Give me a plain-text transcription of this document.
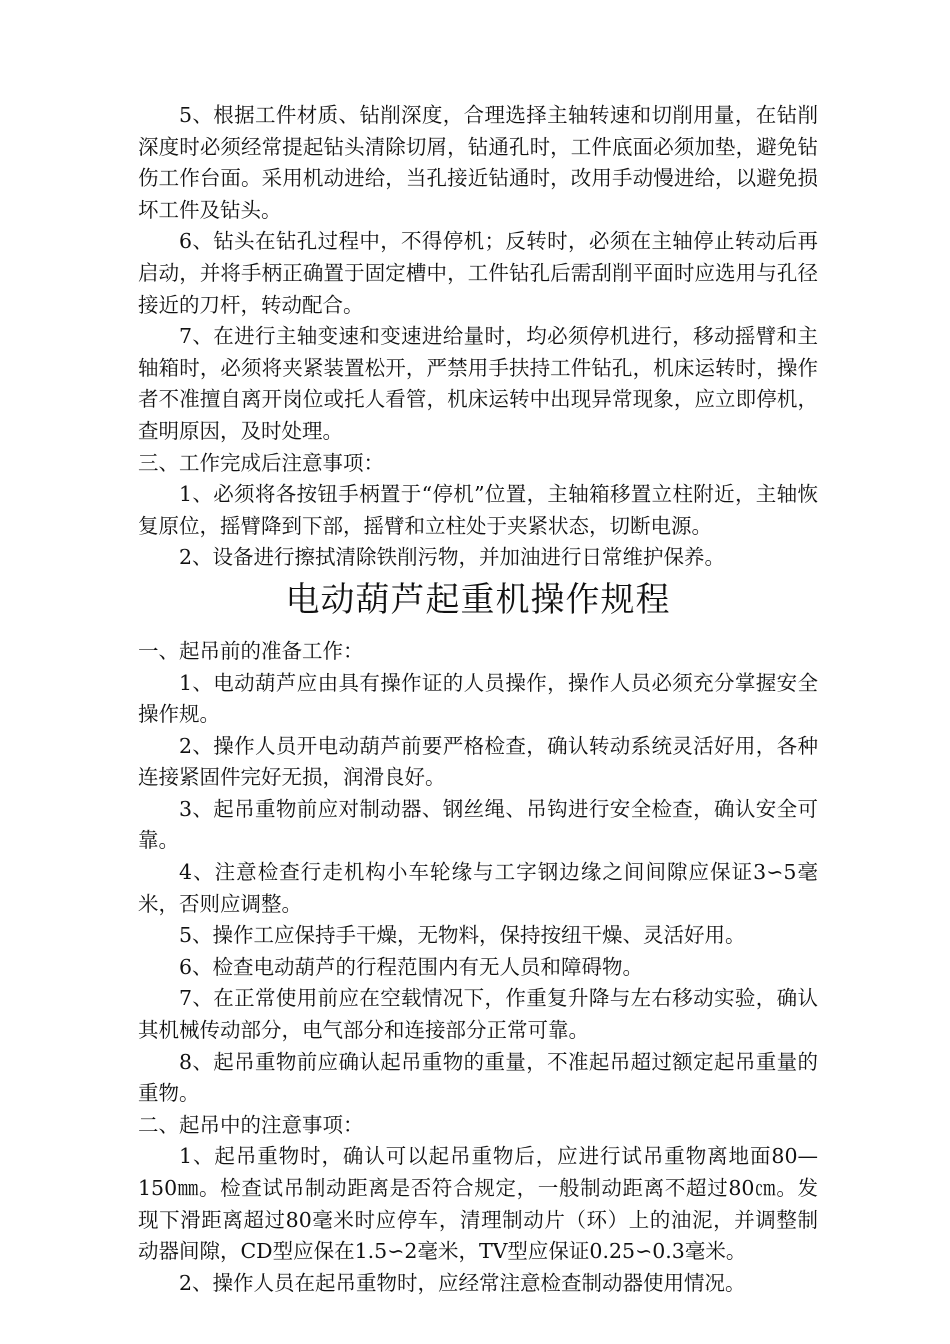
5、根据工件材质、钻削深度，合理选择主轴转速和切削用量，在钻削深度时必须经常提起钻头清除切屑，钻通孔时，工件底面必须加垫，避免钻伤工作台面。采用机动进给，当孔接近钻通时，改用手动慢进给，以避免损坏工件及钻头。

6、钻头在钻孔过程中，不得停机；反转时，必须在主轴停止转动后再启动，并将手柄正确置于固定槽中，工件钻孔后需刮削平面时应选用与孔径接近的刀杆，转动配合。

7、在进行主轴变速和变速进给量时，均必须停机进行，移动摇臂和主轴箱时，必须将夹紧装置松开，严禁用手扶持工件钻孔，机床运转时，操作者不准擅自离开岗位或托人看管，机床运转中出现异常现象，应立即停机，查明原因，及时处理。

三、工作完成后注意事项：

1、必须将各按钮手柄置于“停机”位置，主轴箱移置立柱附近，主轴恢复原位，摇臂降到下部，摇臂和立柱处于夹紧状态，切断电源。

2、设备进行擦拭清除铁削污物，并加油进行日常维护保养。

电动葫芦起重机操作规程

一、起吊前的准备工作：

1、电动葫芦应由具有操作证的人员操作，操作人员必须充分掌握安全操作规。

2、操作人员开电动葫芦前要严格检查，确认转动系统灵活好用，各种连接紧固件完好无损，润滑良好。

3、起吊重物前应对制动器、钢丝绳、吊钩进行安全检查，确认安全可靠。

4、注意检查行走机构小车轮缘与工字钢边缘之间间隙应保证3∽5毫米，否则应调整。

5、操作工应保持手干燥，无物料，保持按纽干燥、灵活好用。

6、检查电动葫芦的行程范围内有无人员和障碍物。

7、在正常使用前应在空载情况下，作重复升降与左右移动实验，确认其机械传动部分，电气部分和连接部分正常可靠。

8、起吊重物前应确认起吊重物的重量，不准起吊超过额定起吊重量的重物。

二、起吊中的注意事项：

1、起吊重物时，确认可以起吊重物后，应进行试吊重物离地面80—150㎜。检查试吊制动距离是否符合规定，一般制动距离不超过80㎝。发现下滑距离超过80毫米时应停车，清理制动片（环）上的油泥，并调整制动器间隙，CD型应保在1.5∽2毫米，TV型应保证0.25∽0.3毫米。

2、操作人员在起吊重物时，应经常注意检查制动器使用情况。
